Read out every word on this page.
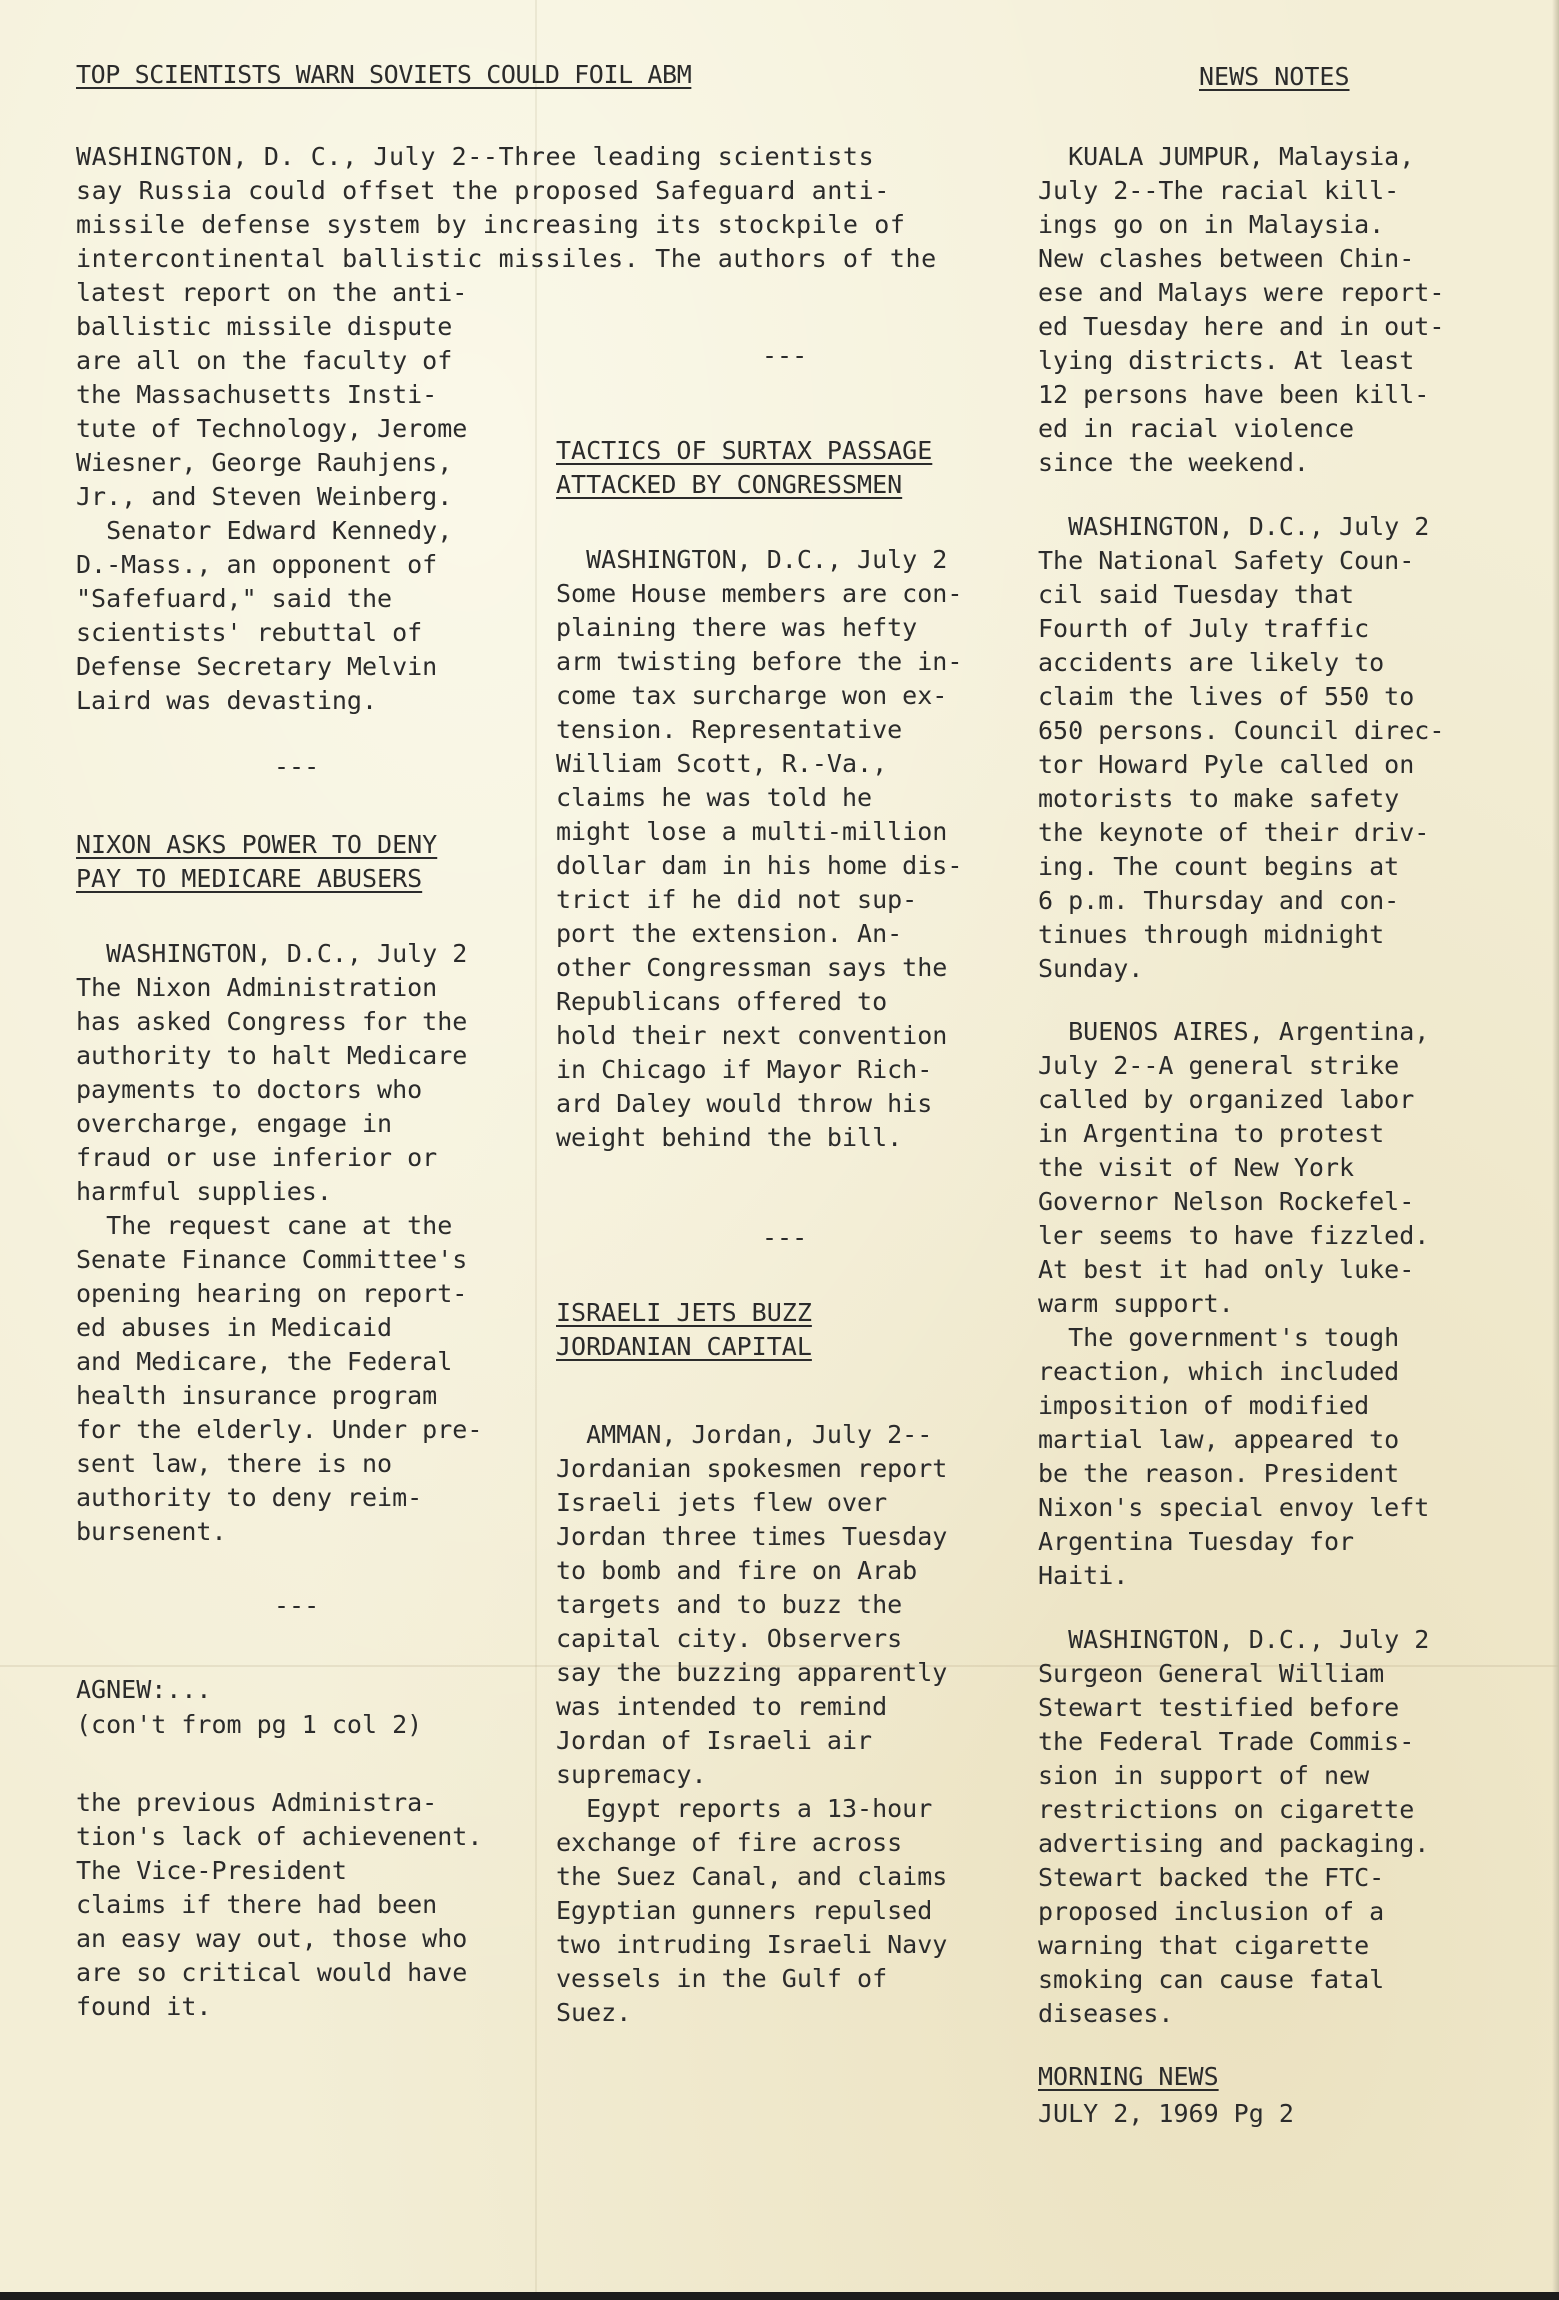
TOP SCIENTISTS WARN SOVIETS COULD FOIL ABM	NEWS NOTES
WASHINGTON, D. C., July 2--Three leading scientists
say Russia could offset the proposed Safeguard anti-
missile defense system by increasing its stockpile of
intercontinental ballistic missiles. The authors of the
latest report on the anti-
ballistic missile dispute
are all on the faculty of
the Massachusetts Insti-
tute of Technology, Jerome
Wiesner, George Rauhjens,
Jr., and Steven Weinberg.
Senator Edward Kennedy,
D.-Mass., an opponent of
"Safefuard," said the
scientists' rebuttal of
Defense Secretary Melvin
Laird was devasting.
---
NIXON ASKS POWER TO DENY
PAY TO MEDICARE ABUSERS
WASHINGTON, D.C., July 2
The Nixon Administration
has asked Congress for the
authority to halt Medicare
payments to doctors who
overcharge, engage in
fraud or use inferior or
harmful supplies.
The request cane at the
Senate Finance Committee's
opening hearing on report-
ed abuses in Medicaid
and Medicare, the Federal
health insurance program
for the elderly. Under pre-
sent law, there is no
authority to deny reim-
bursenent.
---
AGNEW:...
(con't from pg 1 col 2)
the previous Administra-
tion's lack of achievenent.
The Vice-President
claims if there had been
an easy way out, those who
are so critical would have
found it.
---
TACTICS OF SURTAX PASSAGE
ATTACKED BY CONGRESSMEN
WASHINGTON, D.C., July 2
Some House members are con-
plaining there was hefty
arm twisting before the in-
come tax surcharge won ex-
tension. Representative
William Scott, R.-Va.,
claims he was told he
might lose a multi-million
dollar dam in his home dis-
trict if he did not sup-
port the extension. An-
other Congressman says the
Republicans offered to
hold their next convention
in Chicago if Mayor Rich-
ard Daley would throw his
weight behind the bill.
---
ISRAELI JETS BUZZ
JORDANIAN CAPITAL
AMMAN, Jordan, July 2--
Jordanian spokesmen report
Israeli jets flew over
Jordan three times Tuesday
to bomb and fire on Arab
targets and to buzz the
capital city. Observers
say the buzzing apparently
was intended to remind
Jordan of Israeli air
supremacy.
Egypt reports a 13-hour
exchange of fire across
the Suez Canal, and claims
Egyptian gunners repulsed
two intruding Israeli Navy
vessels in the Gulf of
Suez.
KUALA JUMPUR, Malaysia,
July 2--The racial kill-
ings go on in Malaysia.
New clashes between Chin-
ese and Malays were report-
ed Tuesday here and in out-
lying districts. At least
12 persons have been kill-
ed in racial violence
since the weekend.
WASHINGTON, D.C., July 2
The National Safety Coun-
cil said Tuesday that
Fourth of July traffic
accidents are likely to
claim the lives of 550 to
650 persons. Council direc-
tor Howard Pyle called on
motorists to make safety
the keynote of their driv-
ing. The count begins at
6 p.m. Thursday and con-
tinues through midnight
Sunday.
BUENOS AIRES, Argentina,
July 2--A general strike
called by organized labor
in Argentina to protest
the visit of New York
Governor Nelson Rockefel-
ler seems to have fizzled.
At best it had only luke-
warm support.
The government's tough
reaction, which included
imposition of modified
martial law, appeared to
be the reason. President
Nixon's special envoy left
Argentina Tuesday for
Haiti.
WASHINGTON, D.C., July 2
Surgeon General William
Stewart testified before
the Federal Trade Commis-
sion in support of new
restrictions on cigarette
advertising and packaging.
Stewart backed the FTC-
proposed inclusion of a
warning that cigarette
smoking can cause fatal
diseases.
MORNING NEWS
JULY 2, 1969 Pg 2
